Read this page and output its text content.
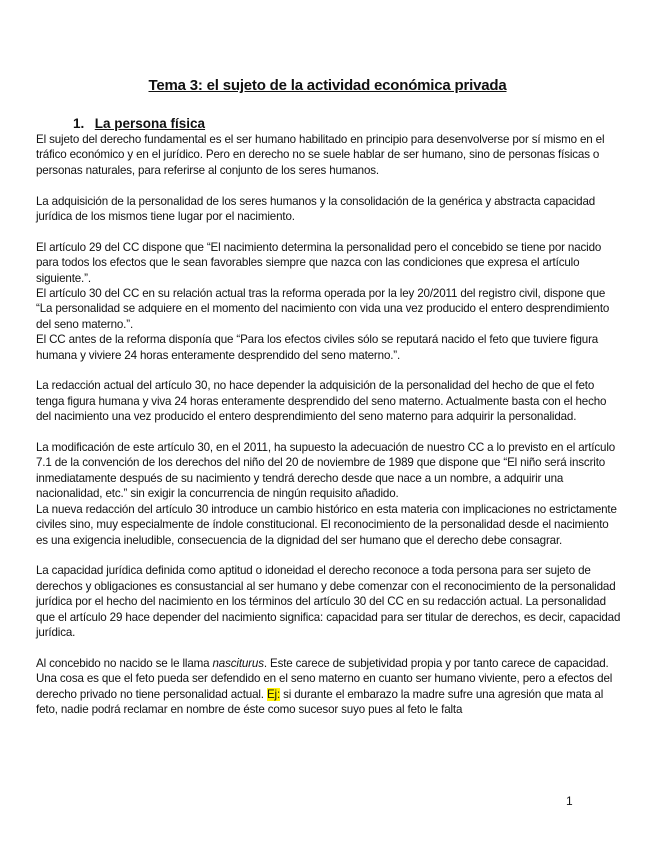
Tema 3: el sujeto de la actividad económica privada
1. La persona física

El sujeto del derecho fundamental es el ser humano habilitado en principio para desenvolverse por sí mismo en el tráfico económico y en el jurídico. Pero en derecho no se suele hablar de ser humano, sino de personas físicas o personas naturales, para referirse al conjunto de los seres humanos.

La adquisición de la personalidad de los seres humanos y la consolidación de la genérica y abstracta capacidad jurídica de los mismos tiene lugar por el nacimiento.

El artículo 29 del CC dispone que “El nacimiento determina la personalidad pero el concebido se tiene por nacido para todos los efectos que le sean favorables siempre que nazca con las condiciones que expresa el artículo siguiente.”.

El artículo 30 del CC en su relación actual tras la reforma operada por la ley 20/2011 del registro civil, dispone que “La personalidad se adquiere en el momento del nacimiento con vida una vez producido el entero desprendimiento del seno materno.”.

El CC antes de la reforma disponía que “Para los efectos civiles sólo se reputará nacido el feto que tuviere figura humana y viviere 24 horas enteramente desprendido del seno materno.”.

La redacción actual del artículo 30, no hace depender la adquisición de la personalidad del hecho de que el feto tenga figura humana y viva 24 horas enteramente desprendido del seno materno. Actualmente basta con el hecho del nacimiento una vez producido el entero desprendimiento del seno materno para adquirir la personalidad.

La modificación de este artículo 30, en el 2011, ha supuesto la adecuación de nuestro CC a lo previsto en el artículo 7.1 de la convención de los derechos del niño del 20 de noviembre de 1989 que dispone que “El niño será inscrito inmediatamente después de su nacimiento y tendrá derecho desde que nace a un nombre, a adquirir una nacionalidad, etc.” sin exigir la concurrencia de ningún requisito añadido.

La nueva redacción del artículo 30 introduce un cambio histórico en esta materia con implicaciones no estrictamente civiles sino, muy especialmente de índole constitucional. El reconocimiento de la personalidad desde el nacimiento es una exigencia ineludible, consecuencia de la dignidad del ser humano que el derecho debe consagrar.

La capacidad jurídica definida como aptitud o idoneidad el derecho reconoce a toda persona para ser sujeto de derechos y obligaciones es consustancial al ser humano y debe comenzar con el reconocimiento de la personalidad jurídica por el hecho del nacimiento en los términos del artículo 30 del CC en su redacción actual. La personalidad que el artículo 29 hace depender del nacimiento significa: capacidad para ser titular de derechos, es decir, capacidad jurídica.

Al concebido no nacido se le llama nasciturus. Este carece de subjetividad propia y por tanto carece de capacidad. Una cosa es que el feto pueda ser defendido en el seno materno en cuanto ser humano viviente, pero a efectos del derecho privado no tiene personalidad actual. Ej: si durante el embarazo la madre sufre una agresión que mata al feto, nadie podrá reclamar en nombre de éste como sucesor suyo pues al feto le falta

1
